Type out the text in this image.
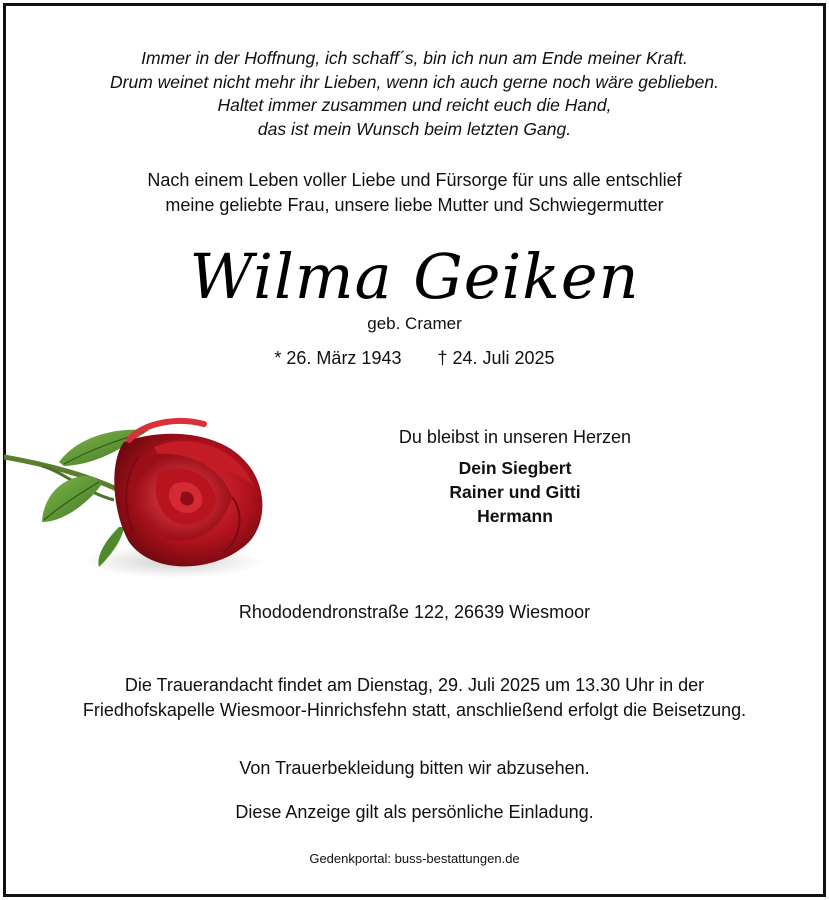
Immer in der Hoffnung, ich schaff´s, bin ich nun am Ende meiner Kraft.
Drum weinet nicht mehr ihr Lieben, wenn ich auch gerne noch wäre geblieben.
Haltet immer zusammen und reicht euch die Hand,
das ist mein Wunsch beim letzten Gang.
Nach einem Leben voller Liebe und Fürsorge für uns alle entschlief
meine geliebte Frau, unsere liebe Mutter und Schwiegermutter
Wilma Geiken
geb. Cramer
* 26. März 1943 † 24. Juli 2025
Du bleibst in unseren Herzen
Dein Siegbert
Rainer und Gitti
Hermann
Rhododendronstraße 122, 26639 Wiesmoor
Die Trauerandacht findet am Dienstag, 29. Juli 2025 um 13.30 Uhr in der
Friedhofskapelle Wiesmoor-Hinrichsfehn statt, anschließend erfolgt die Beisetzung.
Von Trauerbekleidung bitten wir abzusehen.
Diese Anzeige gilt als persönliche Einladung.
Gedenkportal: buss-bestattungen.de
